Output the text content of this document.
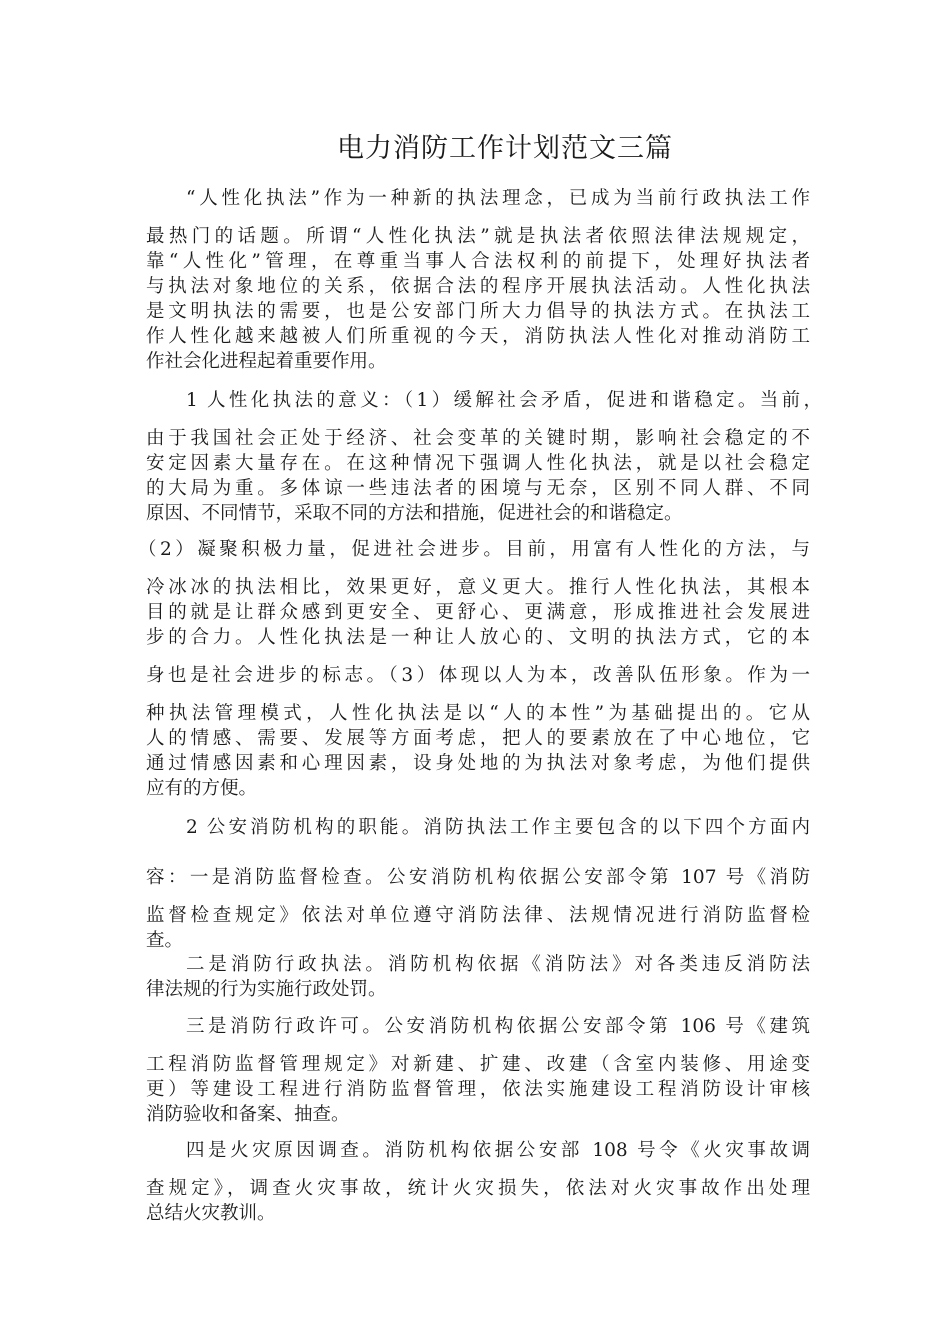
电力消防工作计划范文三篇
“人性化执法”作为一种新的执法理念，已成为当前行政执法工作
最热门的话题。所谓“人性化执法”就是执法者依照法律法规规定，
靠“人性化”管理，在尊重当事人合法权利的前提下，处理好执法者
与执法对象地位的关系，依据合法的程序开展执法活动。人性化执法
是文明执法的需要，也是公安部门所大力倡导的执法方式。在执法工
作人性化越来越被人们所重视的今天，消防执法人性化对推动消防工
作社会化进程起着重要作用。
1 人性化执法的意义：（1）缓解社会矛盾，促进和谐稳定。当前，
由于我国社会正处于经济、社会变革的关键时期，影响社会稳定的不
安定因素大量存在。在这种情况下强调人性化执法，就是以社会稳定
的大局为重。多体谅一些违法者的困境与无奈，区别不同人群、不同
原因、不同情节，采取不同的方法和措施，促进社会的和谐稳定。
（2）凝聚积极力量，促进社会进步。目前，用富有人性化的方法，与
冷冰冰的执法相比，效果更好，意义更大。推行人性化执法，其根本
目的就是让群众感到更安全、更舒心、更满意，形成推进社会发展进
步的合力。人性化执法是一种让人放心的、文明的执法方式，它的本
身也是社会进步的标志。（3）体现以人为本，改善队伍形象。作为一
种执法管理模式，人性化执法是以“人的本性”为基础提出的。它从
人的情感、需要、发展等方面考虑，把人的要素放在了中心地位，它
通过情感因素和心理因素，设身处地的为执法对象考虑，为他们提供
应有的方便。
2 公安消防机构的职能。消防执法工作主要包含的以下四个方面内
容：一是消防监督检查。公安消防机构依据公安部令第 107 号《消防
监督检查规定》依法对单位遵守消防法律、法规情况进行消防监督检
查。
二是消防行政执法。消防机构依据《消防法》对各类违反消防法
律法规的行为实施行政处罚。
三是消防行政许可。公安消防机构依据公安部令第 106 号《建筑
工程消防监督管理规定》对新建、扩建、改建（含室内装修、用途变
更）等建设工程进行消防监督管理，依法实施建设工程消防设计审核
消防验收和备案、抽查。
四是火灾原因调查。消防机构依据公安部 108 号令《火灾事故调
查规定》，调查火灾事故，统计火灾损失，依法对火灾事故作出处理
总结火灾教训。
